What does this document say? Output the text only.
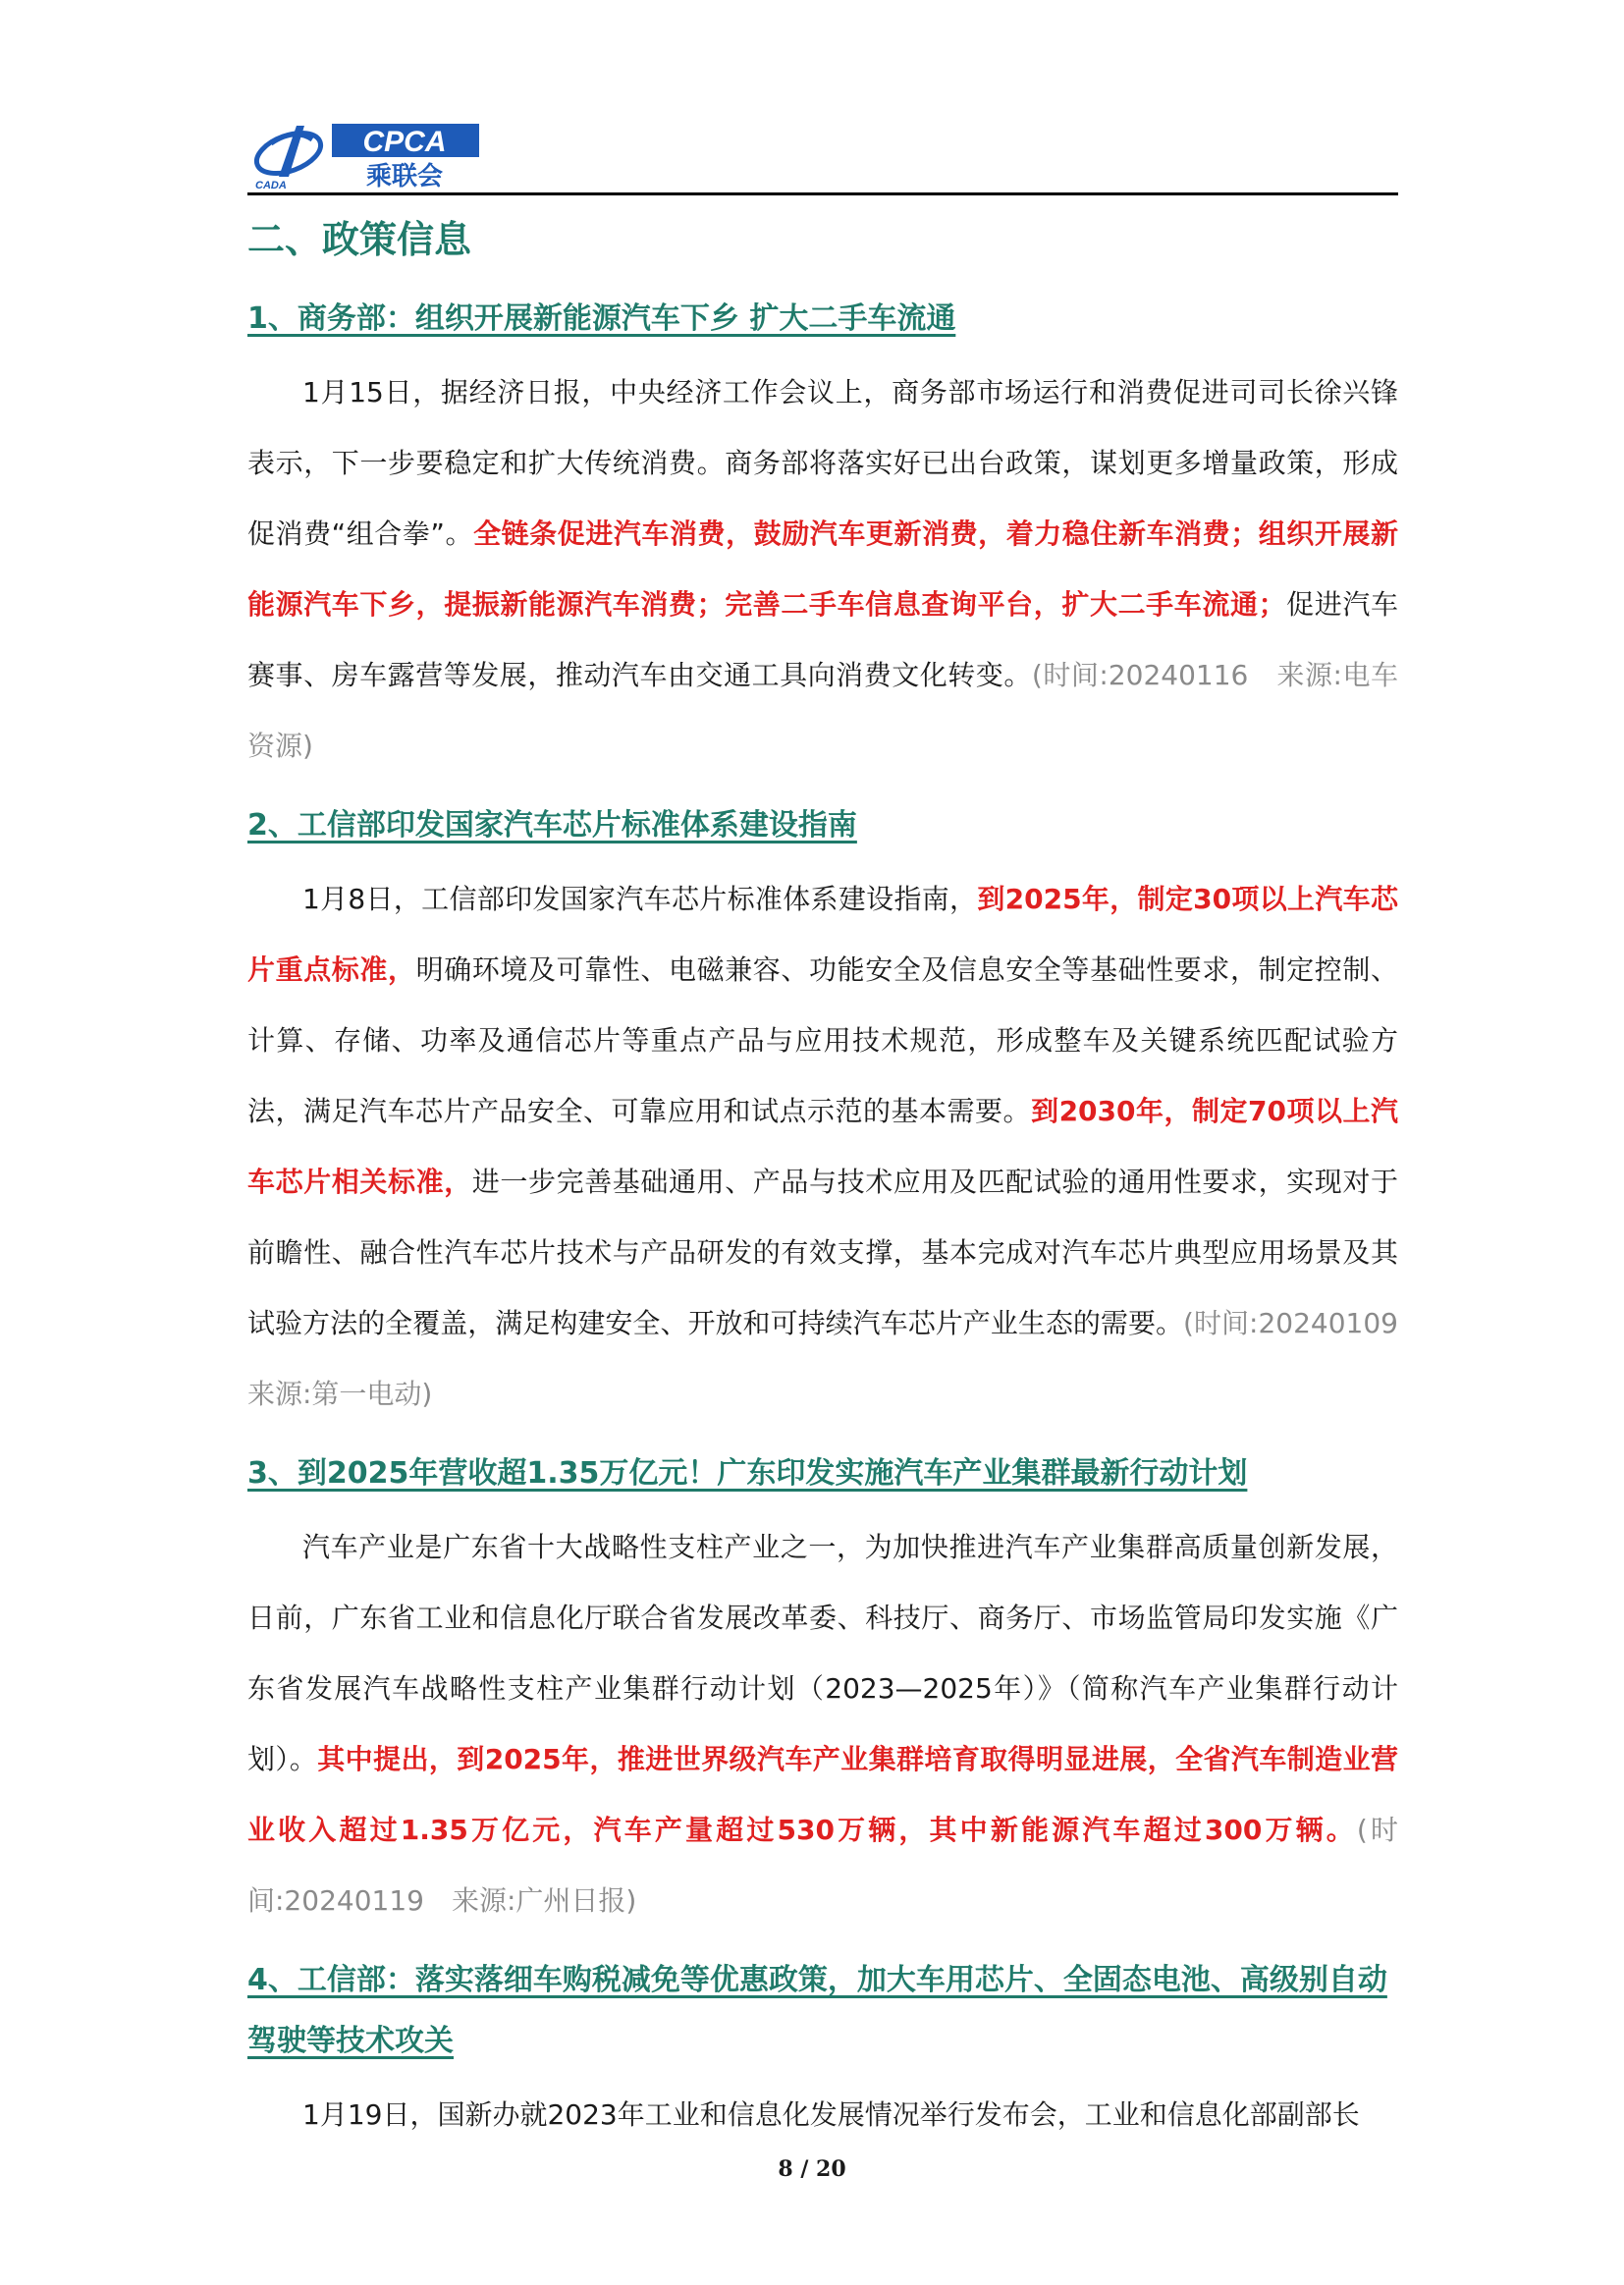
CPCA
乘联会
CADA
二、政策信息
1、商务部：组织开展新能源汽车下乡 扩大二手车流通

1月15日，据经济日报，中央经济工作会议上，商务部市场运行和消费促进司司长徐兴锋表示，下一步要稳定和扩大传统消费。商务部将落实好已出台政策，谋划更多增量政策，形成促消费“组合拳”。全链条促进汽车消费，鼓励汽车更新消费，着力稳住新车消费；组织开展新能源汽车下乡，提振新能源汽车消费；完善二手车信息查询平台，扩大二手车流通；促进汽车赛事、房车露营等发展，推动汽车由交通工具向消费文化转变。(时间:20240116　来源:电车资源)

2、工信部印发国家汽车芯片标准体系建设指南

1月8日，工信部印发国家汽车芯片标准体系建设指南，到2025年，制定30项以上汽车芯片重点标准，明确环境及可靠性、电磁兼容、功能安全及信息安全等基础性要求，制定控制、计算、存储、功率及通信芯片等重点产品与应用技术规范，形成整车及关键系统匹配试验方法，满足汽车芯片产品安全、可靠应用和试点示范的基本需要。到2030年，制定70项以上汽车芯片相关标准，进一步完善基础通用、产品与技术应用及匹配试验的通用性要求，实现对于前瞻性、融合性汽车芯片技术与产品研发的有效支撑，基本完成对汽车芯片典型应用场景及其试验方法的全覆盖，满足构建安全、开放和可持续汽车芯片产业生态的需要。(时间:20240109　来源:第一电动)

3、到2025年营收超1.35万亿元！广东印发实施汽车产业集群最新行动计划

汽车产业是广东省十大战略性支柱产业之一，为加快推进汽车产业集群高质量创新发展，日前，广东省工业和信息化厅联合省发展改革委、科技厅、商务厅、市场监管局印发实施《广东省发展汽车战略性支柱产业集群行动计划（2023—2025年）》（简称汽车产业集群行动计划）。其中提出，到2025年，推进世界级汽车产业集群培育取得明显进展，全省汽车制造业营业收入超过1.35万亿元，汽车产量超过530万辆，其中新能源汽车超过300万辆。(时间:20240119　来源:广州日报)

4、工信部：落实落细车购税减免等优惠政策，加大车用芯片、全固态电池、高级别自动驾驶等技术攻关

1月19日，国新办就2023年工业和信息化发展情况举行发布会，工业和信息化部副部长

8 / 20
